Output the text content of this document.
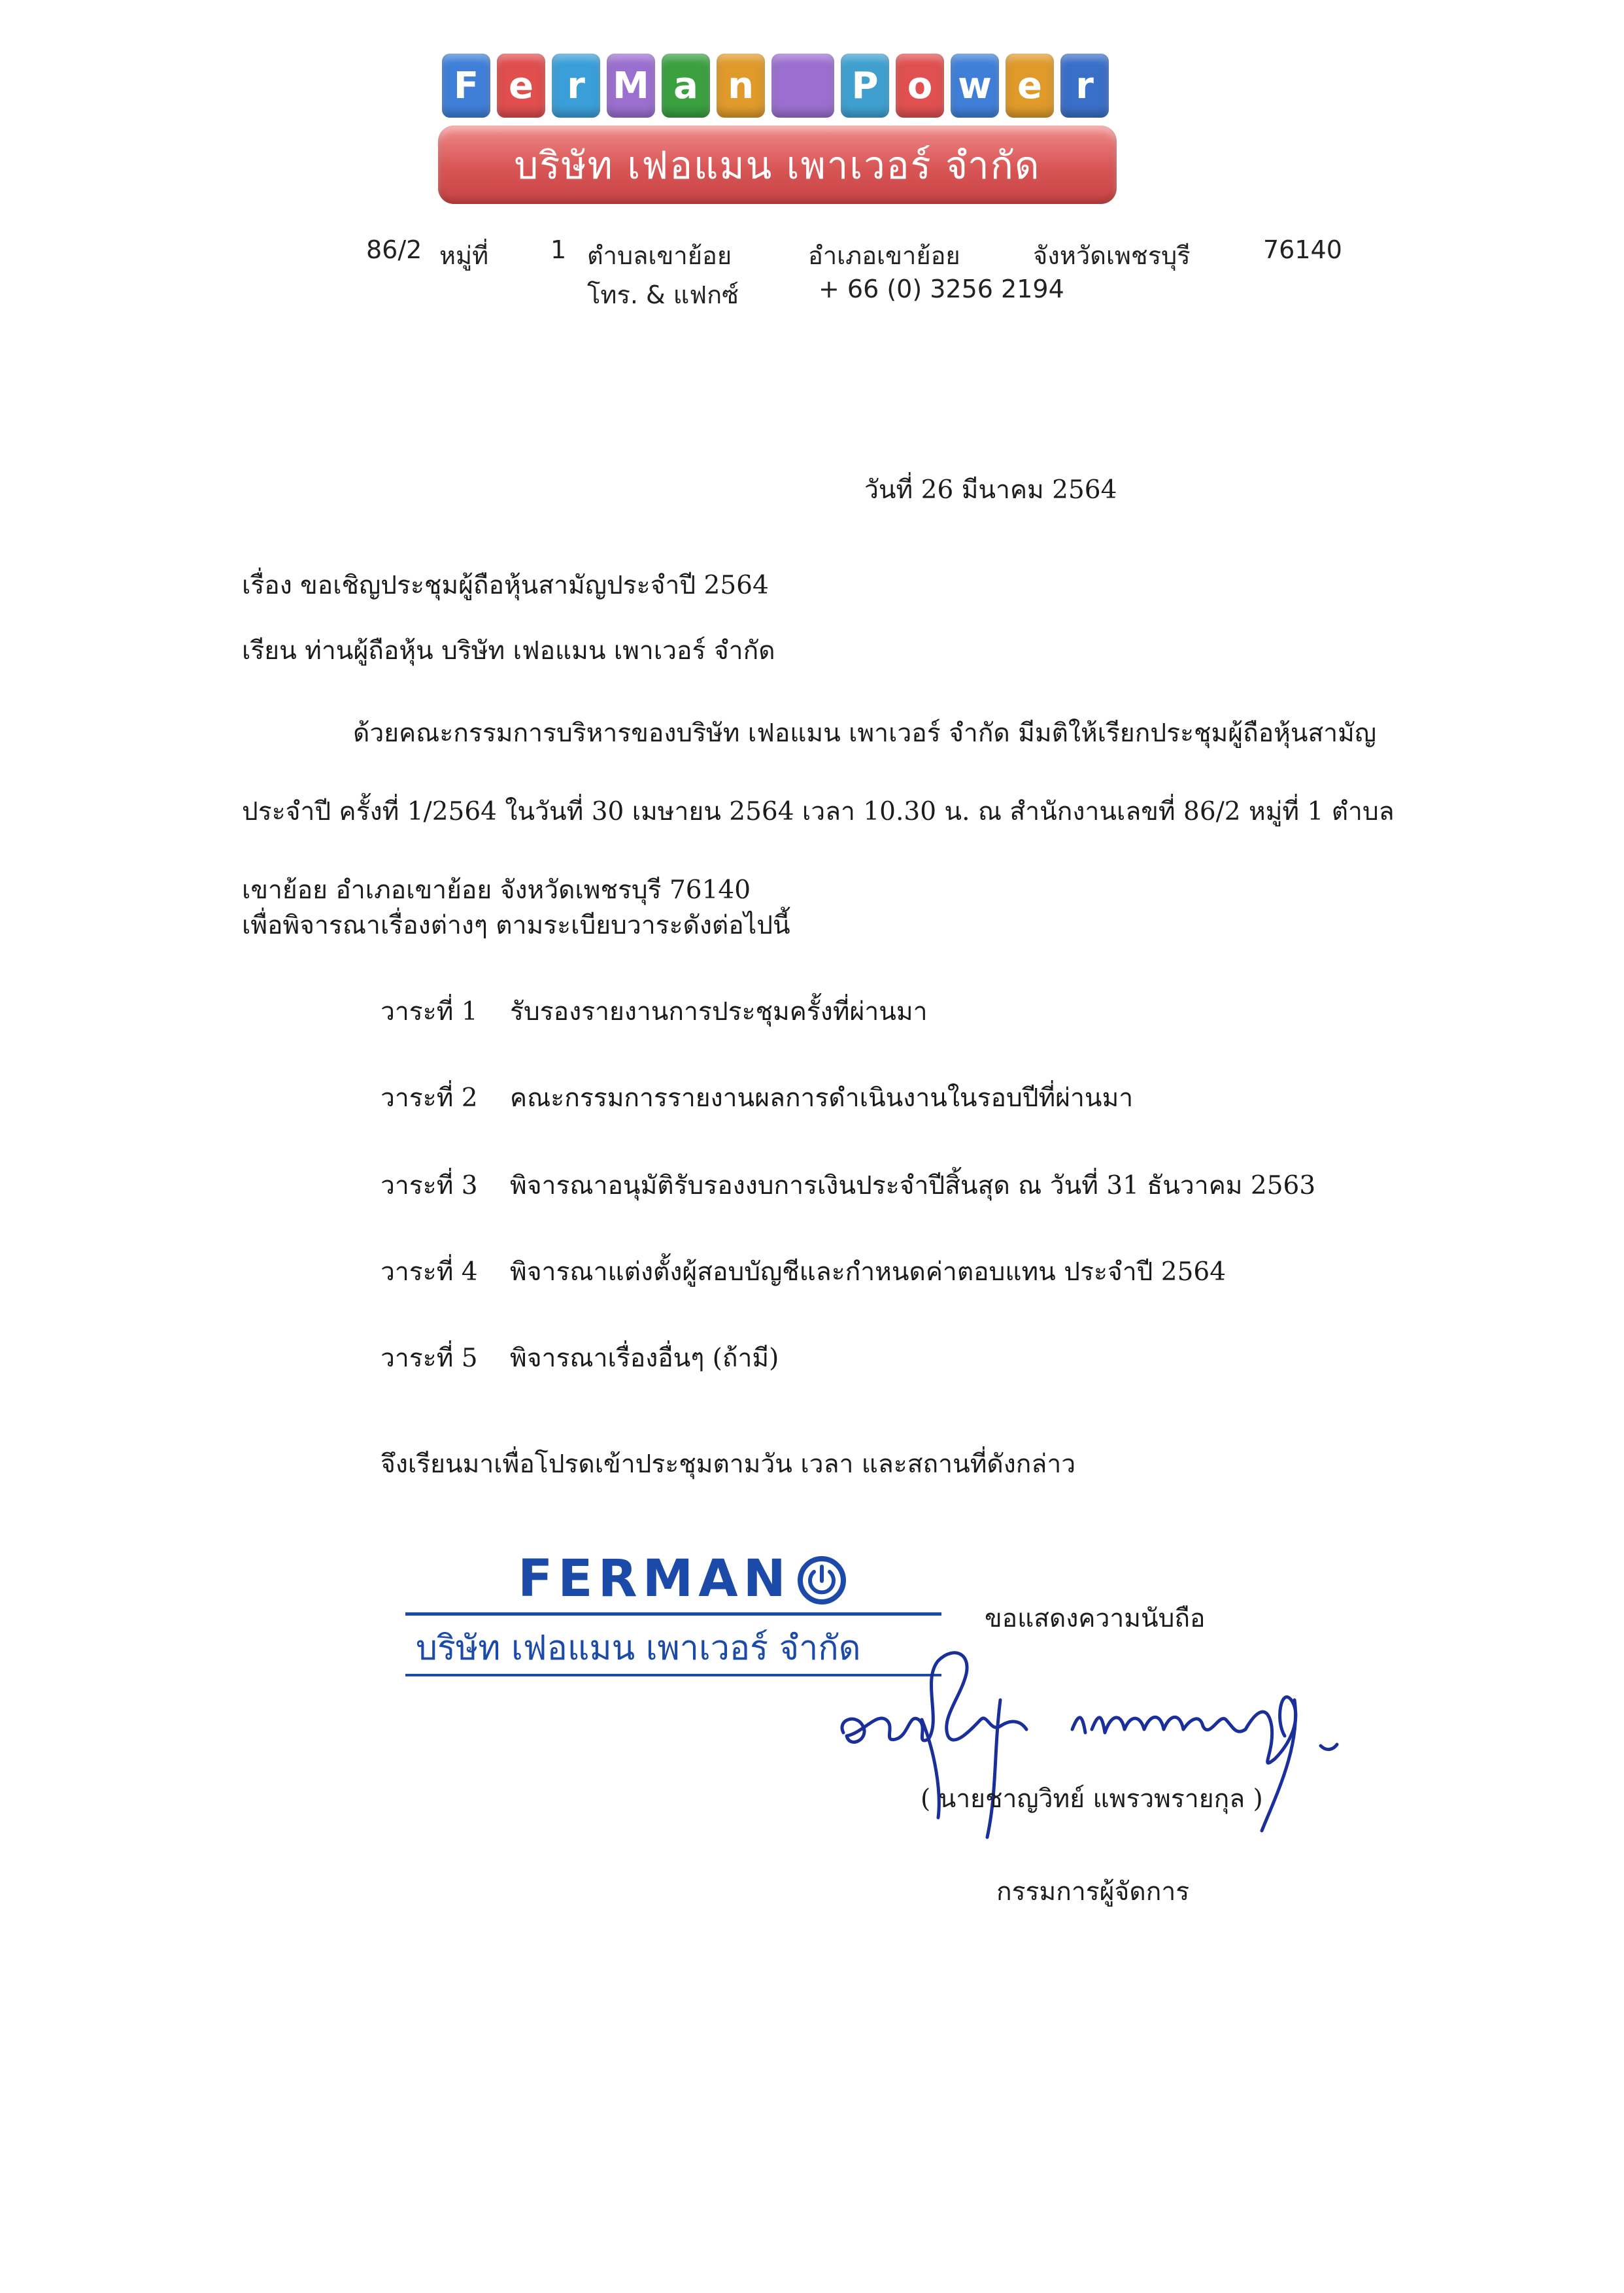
F e r M a n	P o w e r
บริษัท เฟอแมน เพาเวอร์ จำกัด
86/2 หมู่ที่ 1 ตำบลเขาย้อย	อำเภอเขาย้อย	จังหวัดเพชรบุรี	76140
โทร. & แฟกซ์	+ 66 (0) 3256 2194
วันที่ 26 มีนาคม 2564
เรื่อง ขอเชิญประชุมผู้ถือหุ้นสามัญประจำปี 2564
เรียน ท่านผู้ถือหุ้น บริษัท เฟอแมน เพาเวอร์ จำกัด
ด้วยคณะกรรมการบริหารของบริษัท เฟอแมน เพาเวอร์ จำกัด มีมติให้เรียกประชุมผู้ถือหุ้นสามัญประจำปี ครั้งที่ 1/2564 ในวันที่ 30 เมษายน 2564 เวลา 10.30 น. ณ สำนักงานเลขที่ 86/2 หมู่ที่ 1 ตำบลเขาย้อย อำเภอเขาย้อย จังหวัดเพชรบุรี 76140
เพื่อพิจารณาเรื่องต่างๆ ตามระเบียบวาระดังต่อไปนี้
วาระที่ 1 รับรองรายงานการประชุมครั้งที่ผ่านมา
วาระที่ 2 คณะกรรมการรายงานผลการดำเนินงานในรอบปีที่ผ่านมา
วาระที่ 3 พิจารณาอนุมัติรับรองงบการเงินประจำปีสิ้นสุด ณ วันที่ 31 ธันวาคม 2563
วาระที่ 4 พิจารณาแต่งตั้งผู้สอบบัญชีและกำหนดค่าตอบแทน ประจำปี 2564
วาระที่ 5 พิจารณาเรื่องอื่นๆ (ถ้ามี)
จึงเรียนมาเพื่อโปรดเข้าประชุมตามวัน เวลา และสถานที่ดังกล่าว
FERMAN
บริษัท เฟอแมน เพาเวอร์ จำกัด
ขอแสดงความนับถือ
( นายชาญวิทย์ แพรวพรายกุล )
กรรมการผู้จัดการ
